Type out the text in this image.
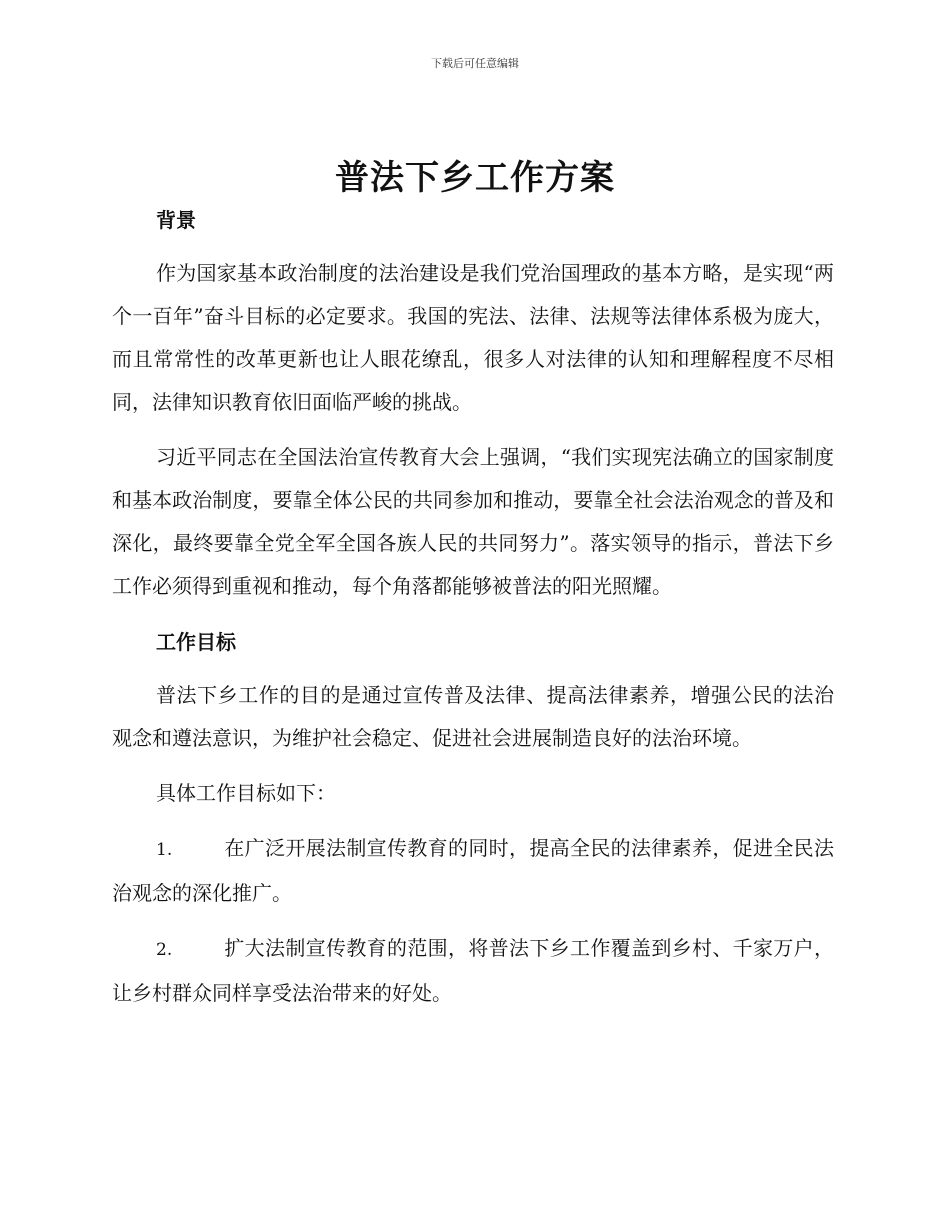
下载后可任意编辑
普法下乡工作方案
背景

作为国家基本政治制度的法治建设是我们党治国理政的基本方略，是实现“两个一百年”奋斗目标的必定要求。我国的宪法、法律、法规等法律体系极为庞大，而且常常性的改革更新也让人眼花缭乱，很多人对法律的认知和理解程度不尽相同，法律知识教育依旧面临严峻的挑战。

习近平同志在全国法治宣传教育大会上强调，“我们实现宪法确立的国家制度和基本政治制度，要靠全体公民的共同参加和推动，要靠全社会法治观念的普及和深化，最终要靠全党全军全国各族人民的共同努力”。落实领导的指示，普法下乡工作必须得到重视和推动，每个角落都能够被普法的阳光照耀。

工作目标

普法下乡工作的目的是通过宣传普及法律、提高法律素养，增强公民的法治观念和遵法意识，为维护社会稳定、促进社会进展制造良好的法治环境。

具体工作目标如下：

1.	在广泛开展法制宣传教育的同时，提高全民的法律素养，促进全民法治观念的深化推广。

2.	扩大法制宣传教育的范围，将普法下乡工作覆盖到乡村、千家万户，让乡村群众同样享受法治带来的好处。
